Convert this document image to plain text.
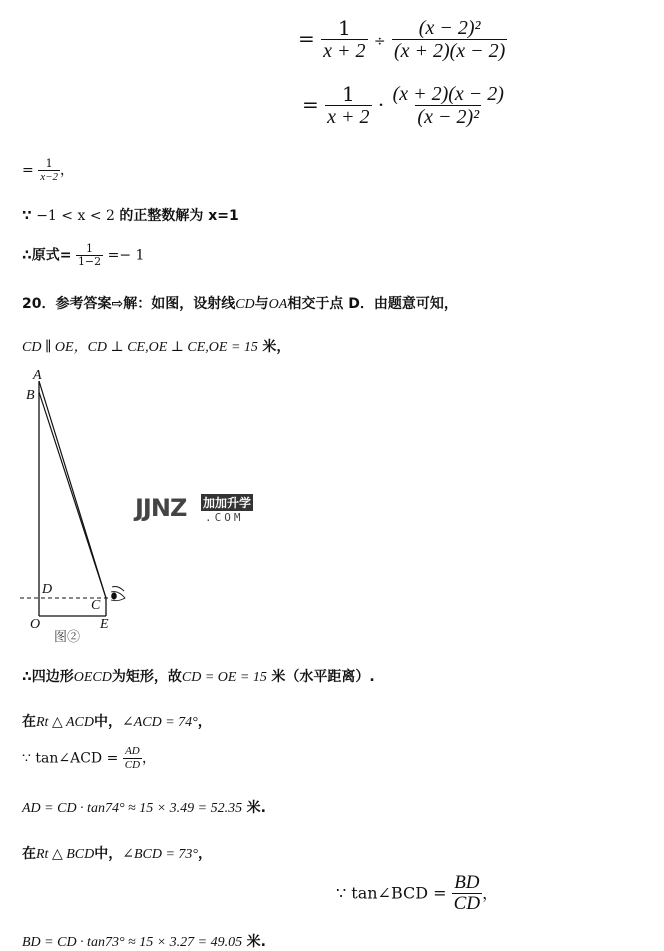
= $\frac{1}{x + 2} \div \frac{\text{(x − 2)²}}{(x + 2)(x - 2)}$
= $\frac{1}{x + 2} \cdot \frac{(x + 2)(x - 2)}{\text{(x − 2)²}}$
= $\frac{1}{x-2}$ ，
∵ −1 < x < 2 的正整数解为 x=1
∴原式= $\frac{1}{1-2} =- 1$
20．参考答案⇨解：如图，设射线CD与OA相交于点 D．由题意可知，
CD ∥ OE，CD ⊥ CE,OE ⊥ CE,OE = 15 米，
A
B
D
C
O	E
图②
JJNZ 加加升学
.COM
∴四边形OECD为矩形，故CD = OE = 15 米（水平距离）.
在Rt △ ACD中，∠ACD = 74°，
∵ tan∠ACD = $\frac{AD}{CD}$ ，
AD = CD · tan74° ≈ 15 × 3.49 = 52.35 米.
在Rt △ BCD中，∠BCD = 73°，
∵ tan∠BCD = $\frac{BD}{CD}$ ，
BD = CD · tan73° ≈ 15 × 3.27 = 49.05 米.
